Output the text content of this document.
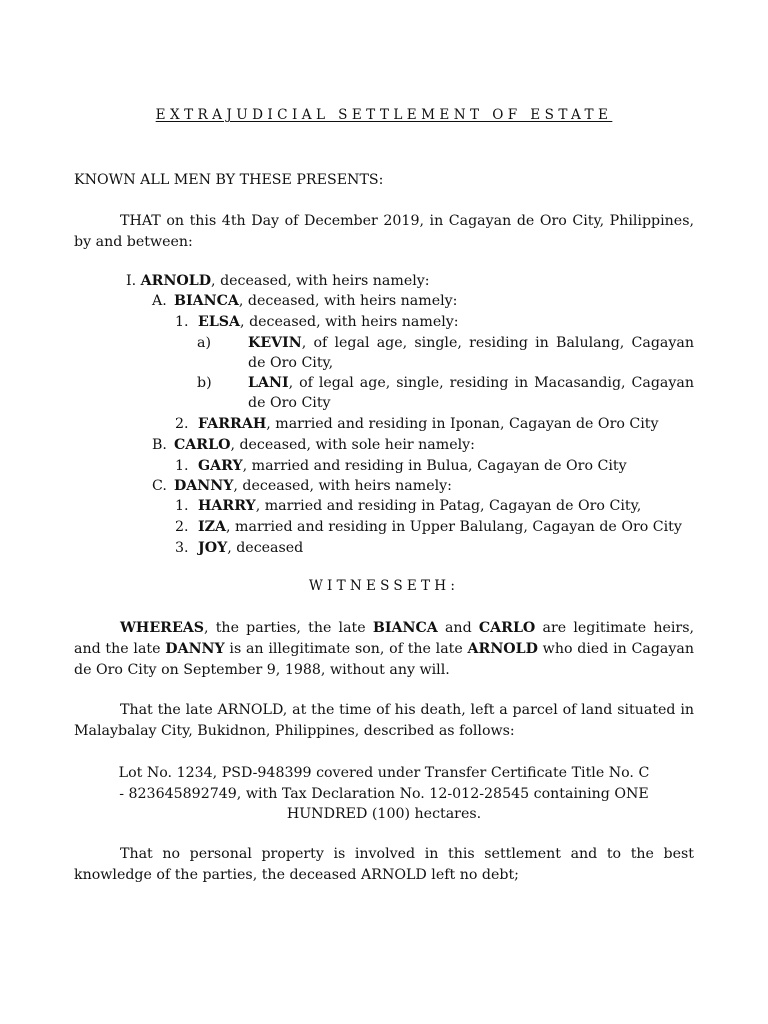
EXTRAJUDICIAL SETTLEMENT OF ESTATE
KNOWN ALL MEN BY THESE PRESENTS:
THAT on this 4th Day of December 2019, in Cagayan de Oro City, Philippines, by and between:
I. ARNOLD, deceased, with heirs namely:
A. BIANCA, deceased, with heirs namely:
1. ELSA, deceased, with heirs namely:
a)	KEVIN, of legal age, single, residing in Balulang, Cagayan de Oro City,
b)	LANI, of legal age, single, residing in Macasandig, Cagayan de Oro City
2. FARRAH, married and residing in Iponan, Cagayan de Oro City
B. CARLO, deceased, with sole heir namely:
1. GARY, married and residing in Bulua, Cagayan de Oro City
C. DANNY, deceased, with heirs namely:
1. HARRY, married and residing in Patag, Cagayan de Oro City,
2. IZA, married and residing in Upper Balulang, Cagayan de Oro City
3. JOY, deceased
WITNESSETH:
WHEREAS, the parties, the late BIANCA and CARLO are legitimate heirs, and the late DANNY is an illegitimate son, of the late ARNOLD who died in Cagayan de Oro City on September 9, 1988, without any will.
That the late ARNOLD, at the time of his death, left a parcel of land situated in Malaybalay City, Bukidnon, Philippines, described as follows:
Lot No. 1234, PSD-948399 covered under Transfer Certificate Title No. C
- 823645892749, with Tax Declaration No. 12-012-28545 containing ONE
HUNDRED (100) hectares.
That no personal property is involved in this settlement and to the best knowledge of the parties, the deceased ARNOLD left no debt;
